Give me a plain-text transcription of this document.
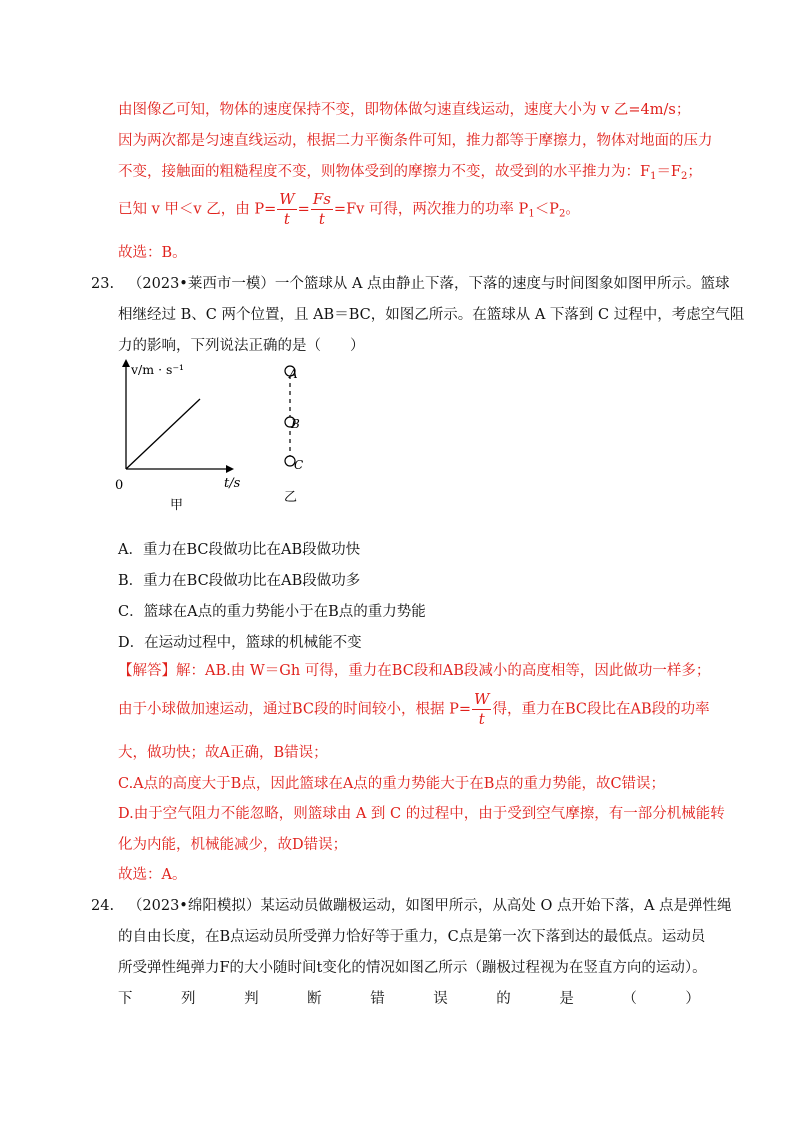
由图像乙可知，物体的速度保持不变，即物体做匀速直线运动，速度大小为 v 乙=4m/s；
因为两次都是匀速直线运动，根据二力平衡条件可知，推力都等于摩擦力，物体对地面的压力
不变，接触面的粗糙程度不变，则物体受到的摩擦力不变，故受到的水平推力为：$F_1=F_2$；
已知 v 甲＜v 乙，由 $P= \frac{W}{t} = \frac{Fs}{t} =Fv$ 可得，两次推力的功率 $P_1<P_2$。
故选：B。
23. （2023•莱西市一模）一个篮球从 A 点由静止下落，下落的速度与时间图象如图甲所示。篮球
相继经过 B、C 两个位置，且 AB＝BC，如图乙所示。在篮球从 A 下落到 C 过程中，考虑空气阻
力的影响，下列说法正确的是（　　）
v/m · s⁻¹
t/s
0
甲
A
B
C
乙
A．重力在BC段做功比在AB段做功快
B．重力在BC段做功比在AB段做功多
C．篮球在A点的重力势能小于在B点的重力势能
D．在运动过程中，篮球的机械能不变
【解答】解：AB.由 W＝Gh 可得，重力在BC段和AB段减小的高度相等，因此做功一样多；
由于小球做加速运动，通过BC段的时间较小，根据 $P= \frac{W}{t}$ 得，重力在BC段比在AB段的功率
大，做功快；故A正确，B错误；
C.A点的高度大于B点，因此篮球在A点的重力势能大于在B点的重力势能，故C错误；
D.由于空气阻力不能忽略，则篮球由 A 到 C 的过程中，由于受到空气摩擦，有一部分机械能转
化为内能，机械能减少，故D错误；
故选：A。
24. （2023•绵阳模拟）某运动员做蹦极运动，如图甲所示，从高处 O 点开始下落，A 点是弹性绳
的自由长度，在B点运动员所受弹力恰好等于重力，C点是第一次下落到达的最低点。运动员
所受弹性绳弹力F的大小随时间t变化的情况如图乙所示（蹦极过程视为在竖直方向的运动）。
下	列	判	断	错	误	的	是	（	）
